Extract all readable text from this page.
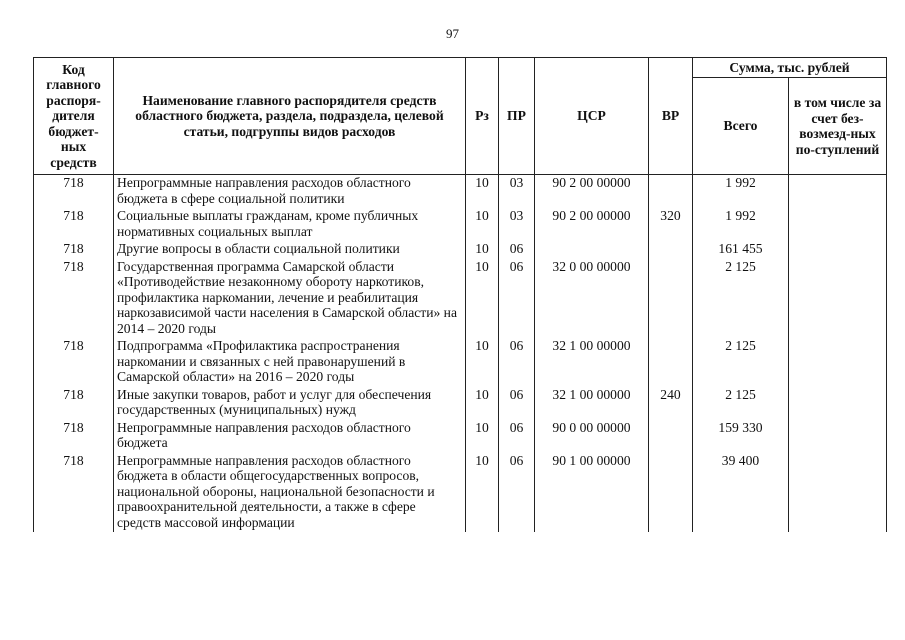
97
Код главного распоря-дителя бюджет-ных средств	Наименование главного распорядителя средств областного бюджета, раздела, подраздела, целевой статьи, подгруппы видов расходов	Рз	ПР	ЦСР	ВР	Сумма, тыс. рублей	
						Всего	в том числе за счет без-возмезд-ных по-ступлений
718	Непрограммные направления расходов областного бюджета в сфере социальной политики	10	03	90 2 00 00000		1 992	
718	Социальные выплаты гражданам, кроме публичных нормативных социальных выплат	10	03	90 2 00 00000	320	1 992	
718	Другие вопросы в области социальной политики	10	06			161 455	
718	Государственная программа Самарской области «Противодействие незаконному обороту наркотиков, профилактика наркомании, лечение и реабилитация наркозависимой части населения в Самарской области» на 2014 – 2020 годы	10	06	32 0 00 00000		2 125	
718	Подпрограмма «Профилактика распространения наркомании и связанных с ней правонарушений в Самарской области» на 2016 – 2020 годы	10	06	32 1 00 00000		2 125	
718	Иные закупки товаров, работ и услуг для обеспечения государственных (муниципальных) нужд	10	06	32 1 00 00000	240	2 125	
718	Непрограммные направления расходов областного бюджета	10	06	90 0 00 00000		159 330	
718	Непрограммные направления расходов областного бюджета в области общегосударственных вопросов, национальной обороны, национальной безопасности и правоохранительной деятельности, а также в сфере средств массовой информации	10	06	90 1 00 00000		39 400	
